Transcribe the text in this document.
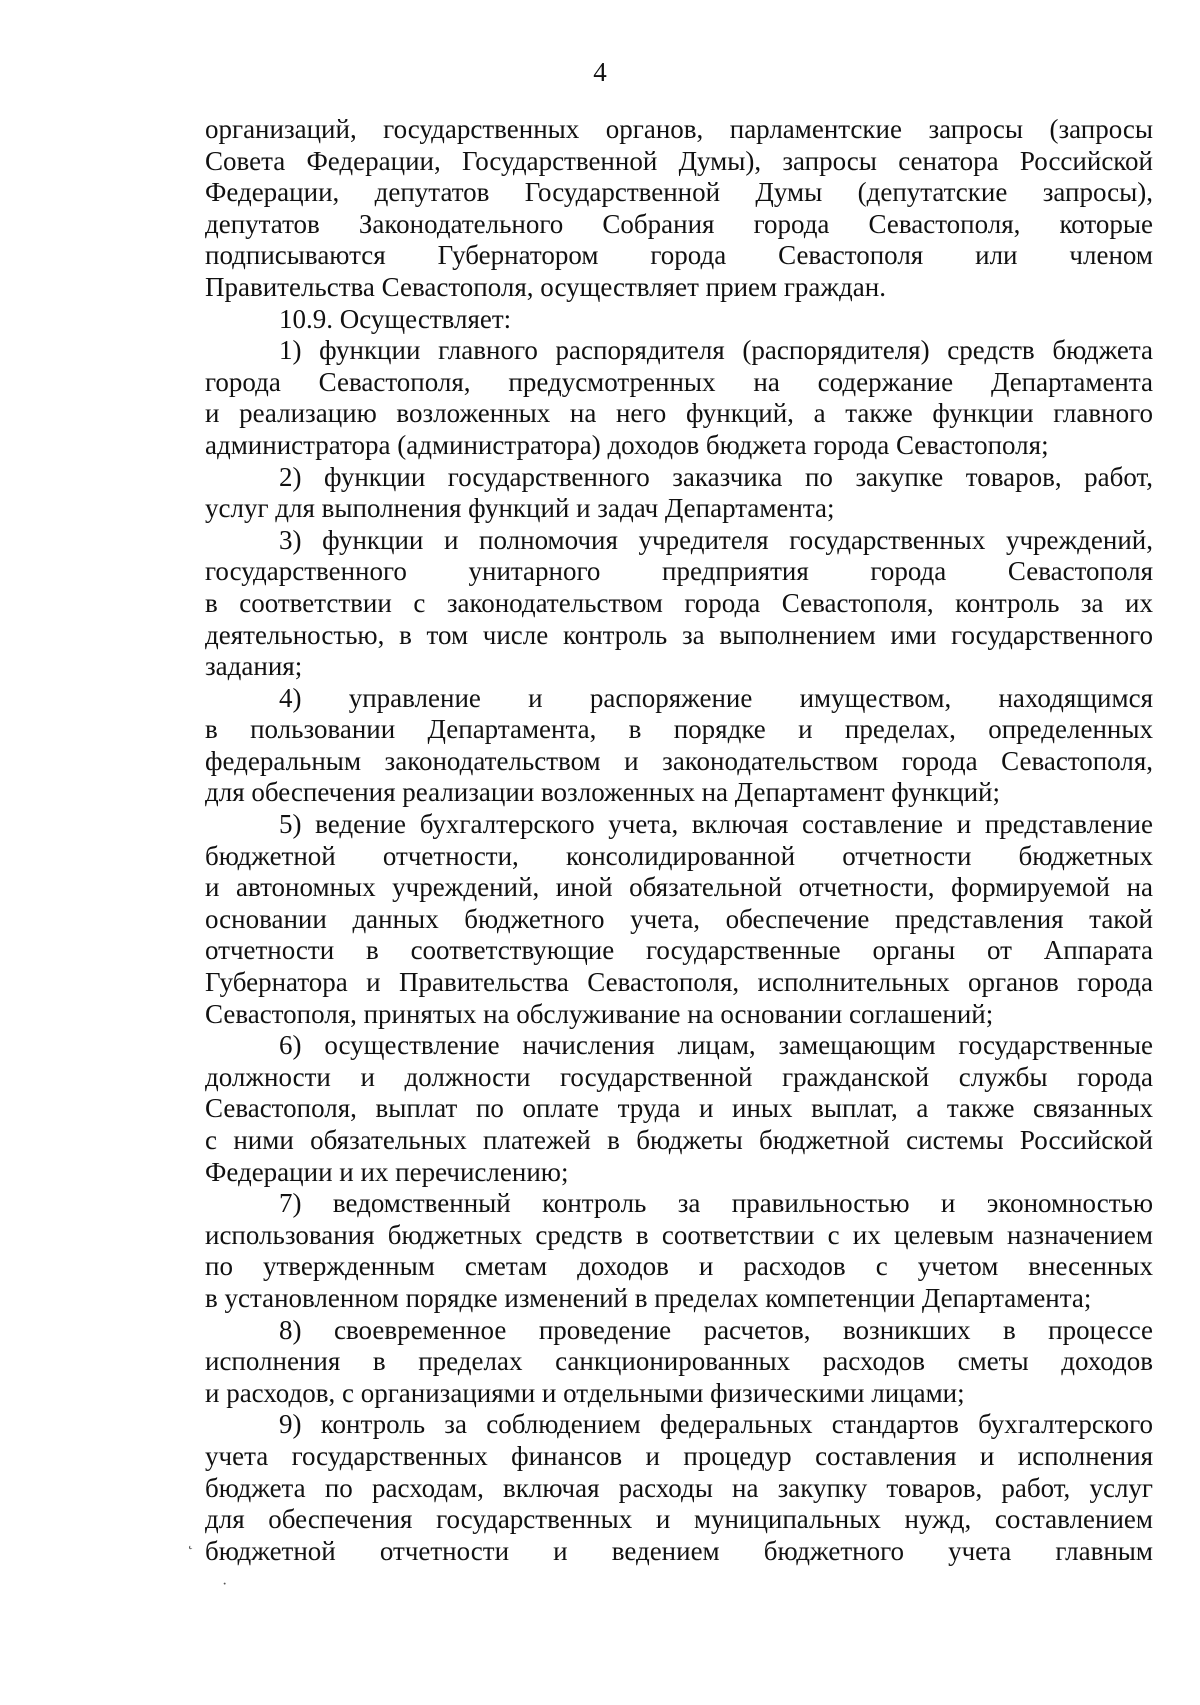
4
организаций, государственных органов, парламентские запросы (запросы
Совета Федерации, Государственной Думы), запросы сенатора Российской
Федерации, депутатов Государственной Думы (депутатские запросы),
депутатов Законодательного Собрания города Севастополя, которые
подписываются Губернатором города Севастополя или членом
Правительства Севастополя, осуществляет прием граждан.
10.9. Осуществляет:
1) функции главного распорядителя (распорядителя) средств бюджета
города Севастополя, предусмотренных на содержание Департамента
и реализацию возложенных на него функций, а также функции главного
администратора (администратора) доходов бюджета города Севастополя;
2) функции государственного заказчика по закупке товаров, работ,
услуг для выполнения функций и задач Департамента;
3) функции и полномочия учредителя государственных учреждений,
государственного унитарного предприятия города Севастополя
в соответствии с законодательством города Севастополя, контроль за их
деятельностью, в том числе контроль за выполнением ими государственного
задания;
4) управление и распоряжение имуществом, находящимся
в пользовании Департамента, в порядке и пределах, определенных
федеральным законодательством и законодательством города Севастополя,
для обеспечения реализации возложенных на Департамент функций;
5) ведение бухгалтерского учета, включая составление и представление
бюджетной отчетности, консолидированной отчетности бюджетных
и автономных учреждений, иной обязательной отчетности, формируемой на
основании данных бюджетного учета, обеспечение представления такой
отчетности в соответствующие государственные органы от Аппарата
Губернатора и Правительства Севастополя, исполнительных органов города
Севастополя, принятых на обслуживание на основании соглашений;
6) осуществление начисления лицам, замещающим государственные
должности и должности государственной гражданской службы города
Севастополя, выплат по оплате труда и иных выплат, а также связанных
с ними обязательных платежей в бюджеты бюджетной системы Российской
Федерации и их перечислению;
7) ведомственный контроль за правильностью и экономностью
использования бюджетных средств в соответствии с их целевым назначением
по утвержденным сметам доходов и расходов с учетом внесенных
в установленном порядке изменений в пределах компетенции Департамента;
8) своевременное проведение расчетов, возникших в процессе
исполнения в пределах санкционированных расходов сметы доходов
и расходов, с организациями и отдельными физическими лицами;
9) контроль за соблюдением федеральных стандартов бухгалтерского
учета государственных финансов и процедур составления и исполнения
бюджета по расходам, включая расходы на закупку товаров, работ, услуг
для обеспечения государственных и муниципальных нужд, составлением
бюджетной отчетности и ведением бюджетного учета главным
˛
·
